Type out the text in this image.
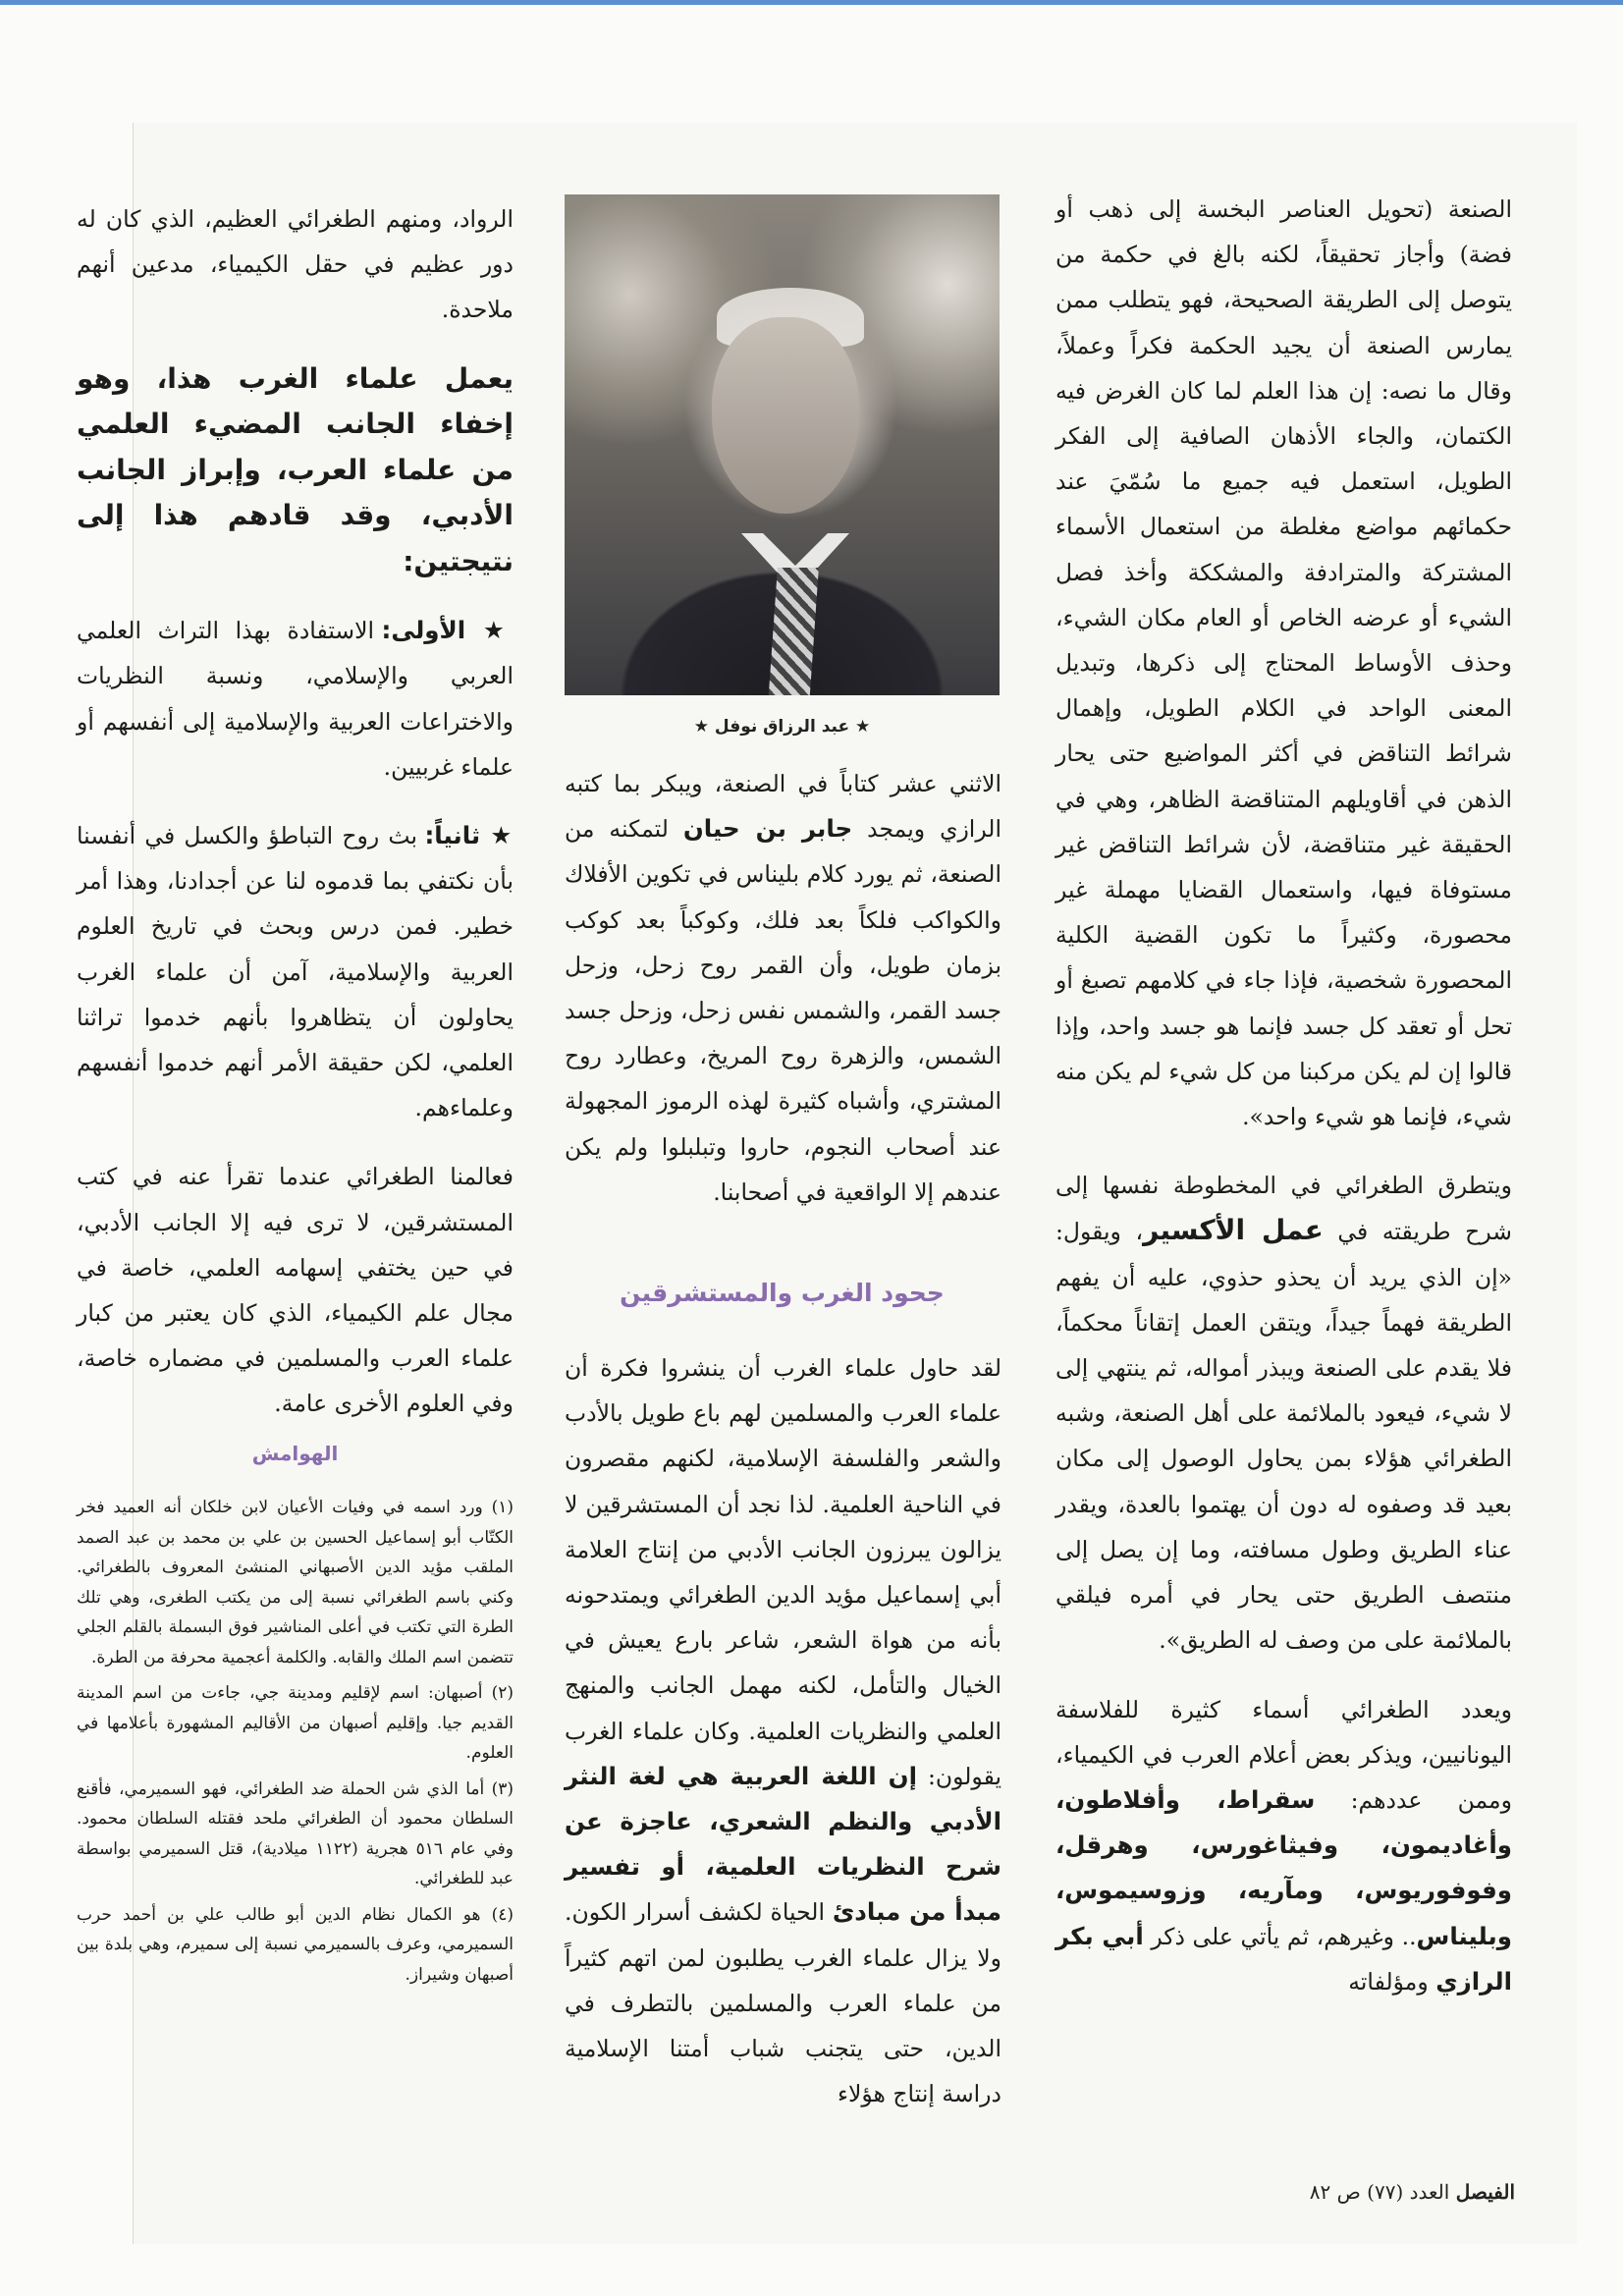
الصنعة (تحويل العناصر البخسة إلى ذهب أو فضة) وأجاز تحقيقاً، لكنه بالغ في حكمة من يتوصل إلى الطريقة الصحيحة، فهو يتطلب ممن يمارس الصنعة أن يجيد الحكمة فكراً وعملاً، وقال ما نصه: إن هذا العلم لما كان الغرض فيه الكتمان، والجاء الأذهان الصافية إلى الفكر الطويل، استعمل فيه جميع ما سُمّيَ عند حكمائهم مواضع مغلطة من استعمال الأسماء المشتركة والمترادفة والمشككة وأخذ فصل الشيء أو عرضه الخاص أو العام مكان الشيء، وحذف الأوساط المحتاج إلى ذكرها، وتبديل المعنى الواحد في الكلام الطويل، وإهمال شرائط التناقض في أكثر المواضيع حتى يحار الذهن في أقاويلهم المتناقضة الظاهر، وهي في الحقيقة غير متناقضة، لأن شرائط التناقض غير مستوفاة فيها، واستعمال القضايا مهملة غير محصورة، وكثيراً ما تكون القضية الكلية المحصورة شخصية، فإذا جاء في كلامهم تصبغ أو تحل أو تعقد كل جسد فإنما هو جسد واحد، وإذا قالوا إن لم يكن مركبنا من كل شيء لم يكن منه شيء، فإنما هو شيء واحد».

ويتطرق الطغرائي في المخطوطة نفسها إلى شرح طريقته في عمل الأكسير، ويقول: «إن الذي يريد أن يحذو حذوي، عليه أن يفهم الطريقة فهماً جيداً، ويتقن العمل إتقاناً محكماً، فلا يقدم على الصنعة ويبذر أمواله، ثم ينتهي إلى لا شيء، فيعود بالملائمة على أهل الصنعة، وشبه الطغرائي هؤلاء بمن يحاول الوصول إلى مكان بعيد قد وصفوه له دون أن يهتموا بالعدة، ويقدر عناء الطريق وطول مسافته، وما إن يصل إلى منتصف الطريق حتى يحار في أمره فيلقي بالملائمة على من وصف له الطريق».

ويعدد الطغرائي أسماء كثيرة للفلاسفة اليونانيين، ويذكر بعض أعلام العرب في الكيمياء، وممن عددهم: سقراط، وأفلاطون، وأغاديمون، وفيثاغورس، وهرقل، وفوفوريوس، ومآريه، وزوسيموس، وبليناس.. وغيرهم، ثم يأتي على ذكر أبي بكر الرازي ومؤلفاته

★ عبد الرزاق نوفل ★

الاثني عشر كتاباً في الصنعة، ويبكر بما كتبه الرازي ويمجد جابر بن حيان لتمكنه من الصنعة، ثم يورد كلام بليناس في تكوين الأفلاك والكواكب فلكاً بعد فلك، وكوكباً بعد كوكب بزمان طويل، وأن القمر روح زحل، وزحل جسد القمر، والشمس نفس زحل، وزحل جسد الشمس، والزهرة روح المريخ، وعطارد روح المشتري، وأشباه كثيرة لهذه الرموز المجهولة عند أصحاب النجوم، حاروا وتبلبلوا ولم يكن عندهم إلا الواقعية في أصحابنا.

جحود الغرب والمستشرقين

لقد حاول علماء الغرب أن ينشروا فكرة أن علماء العرب والمسلمين لهم باع طويل بالأدب والشعر والفلسفة الإسلامية، لكنهم مقصرون في الناحية العلمية. لذا نجد أن المستشرقين لا يزالون يبرزون الجانب الأدبي من إنتاج العلامة أبي إسماعيل مؤيد الدين الطغرائي ويمتدحونه بأنه من هواة الشعر، شاعر بارع يعيش في الخيال والتأمل، لكنه مهمل الجانب والمنهج العلمي والنظريات العلمية. وكان علماء الغرب يقولون: إن اللغة العربية هي لغة النثر الأدبي والنظم الشعري، عاجزة عن شرح النظريات العلمية، أو تفسير مبدأ من مبادئ الحياة لكشف أسرار الكون. ولا يزال علماء الغرب يطلبون لمن اتهم كثيراً من علماء العرب والمسلمين بالتطرف في الدين، حتى يتجنب شباب أمتنا الإسلامية دراسة إنتاج هؤلاء

الرواد، ومنهم الطغرائي العظيم، الذي كان له دور عظيم في حقل الكيمياء، مدعين أنهم ملاحدة.

يعمل علماء الغرب هذا، وهو إخفاء الجانب المضيء العلمي من علماء العرب، وإبراز الجانب الأدبي، وقد قادهم هذا إلى نتيجتين:

★ الأولى: الاستفادة بهذا التراث العلمي العربي والإسلامي، ونسبة النظريات والاختراعات العربية والإسلامية إلى أنفسهم أو علماء غربيين.

★ ثانياً: بث روح التباطؤ والكسل في أنفسنا بأن نكتفي بما قدموه لنا عن أجدادنا، وهذا أمر خطير. فمن درس وبحث في تاريخ العلوم العربية والإسلامية، آمن أن علماء الغرب يحاولون أن يتظاهروا بأنهم خدموا تراثنا العلمي، لكن حقيقة الأمر أنهم خدموا أنفسهم وعلماءهم.

فعالمنا الطغرائي عندما تقرأ عنه في كتب المستشرقين، لا ترى فيه إلا الجانب الأدبي، في حين يختفي إسهامه العلمي، خاصة في مجال علم الكيمياء، الذي كان يعتبر من كبار علماء العرب والمسلمين في مضماره خاصة، وفي العلوم الأخرى عامة.

الهوامش

(١) ورد اسمه في وفيات الأعيان لابن خلكان أنه العميد فخر الكتّاب أبو إسماعيل الحسين بن علي بن محمد بن عبد الصمد الملقب مؤيد الدين الأصبهاني المنشئ المعروف بالطغرائي. وكني باسم الطغرائي نسبة إلى من يكتب الطغرى، وهي تلك الطرة التي تكتب في أعلى المناشير فوق البسملة بالقلم الجلي تتضمن اسم الملك والقابه. والكلمة أعجمية محرفة من الطرة.

(٢) أصبهان: اسم لإقليم ومدينة جي، جاءت من اسم المدينة القديم جيا. وإقليم أصبهان من الأقاليم المشهورة بأعلامها في العلوم.

(٣) أما الذي شن الحملة ضد الطغرائي، فهو السميرمي، فأقنع السلطان محمود أن الطغرائي ملحد فقتله السلطان محمود. وفي عام ٥١٦ هجرية (١١٢٢ ميلادية)، قتل السميرمي بواسطة عبد للطغرائي.

(٤) هو الكمال نظام الدين أبو طالب علي بن أحمد حرب السميرمي، وعرف بالسميرمي نسبة إلى سميرم، وهي بلدة بين أصبهان وشيراز.

الفيصل العدد (٧٧) ص ٨٢
